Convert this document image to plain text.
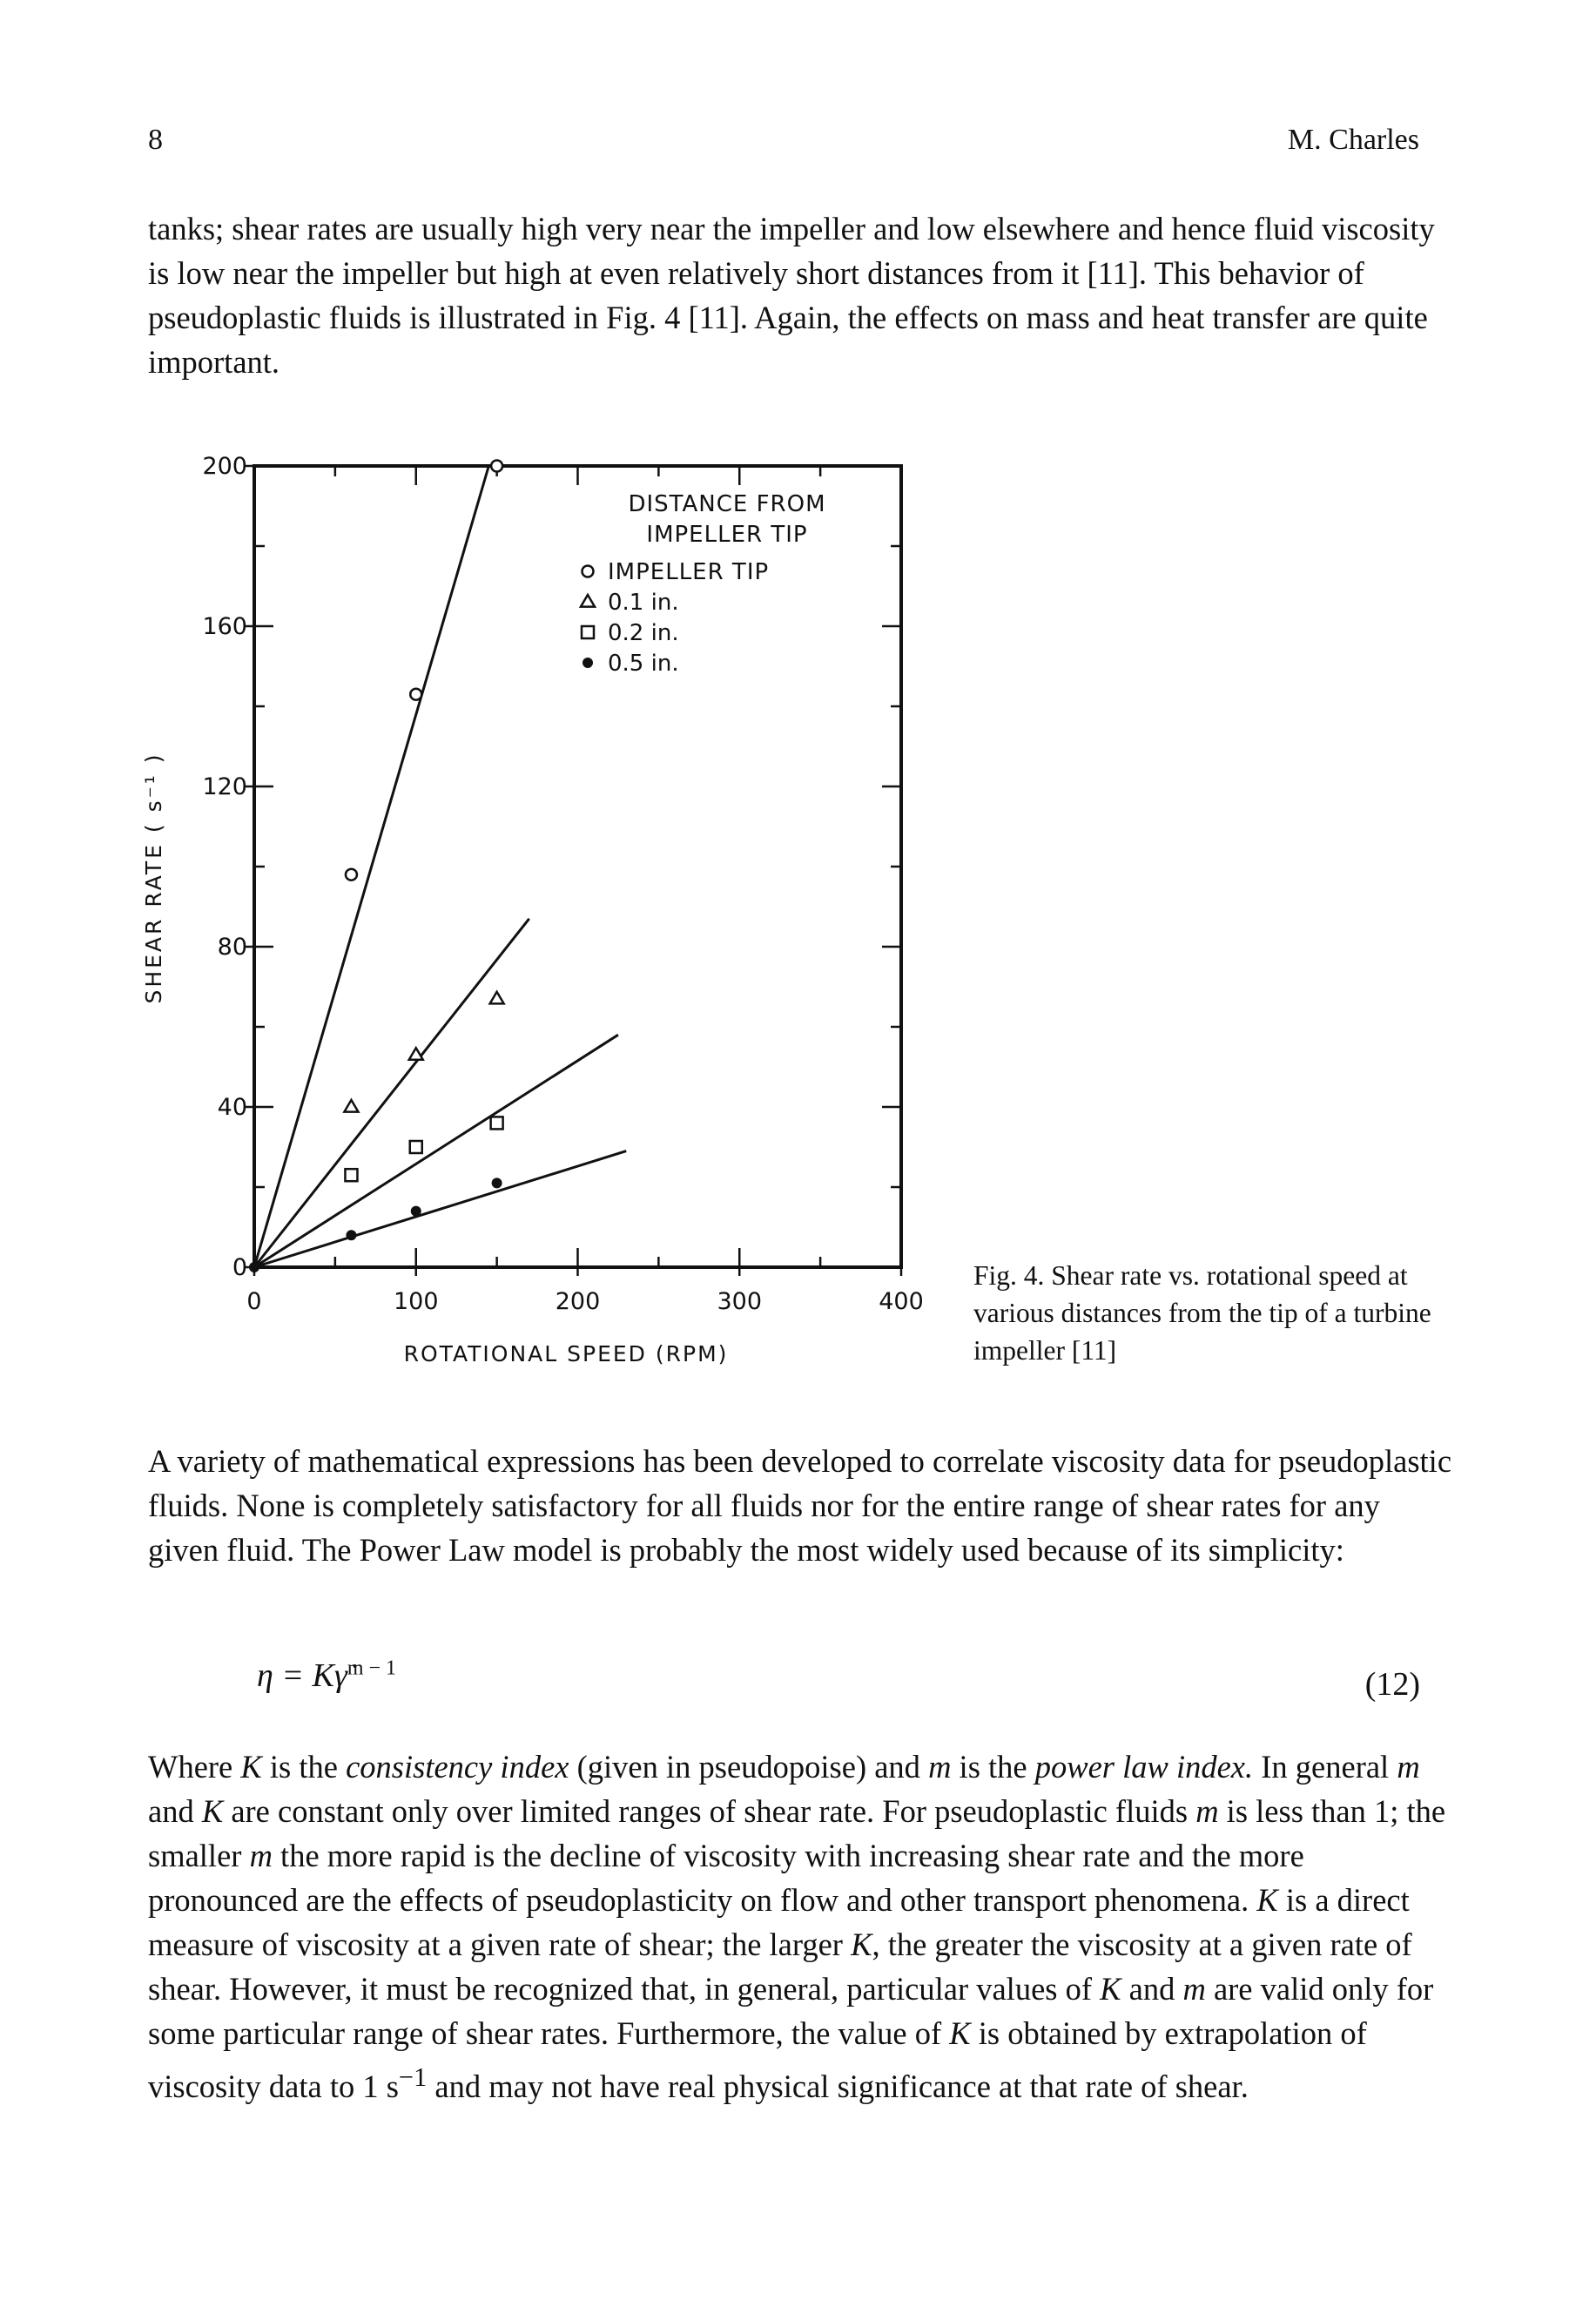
8	M. Charles

tanks; shear rates are usually high very near the impeller and low elsewhere and hence fluid viscosity is low near the impeller but high at even relatively short distances from it [11]. This behavior of pseudoplastic fluids is illustrated in Fig. 4 [11]. Again, the effects on mass and heat transfer are quite important.

0	100	200	300	400
0
40
80
120
160
200
DISTANCE FROM
IMPELLER TIP
IMPELLER TIP
0.1 in.
0.2 in.
0.5 in.
ROTATIONAL SPEED (RPM)
SHEAR RATE ( s⁻¹ )
Fig. 4. Shear rate vs. rotational speed at various distances from the tip of a turbine impeller [11]

A variety of mathematical expressions has been developed to correlate viscosity data for pseudoplastic fluids. None is completely satisfactory for all fluids nor for the entire range of shear rates for any given fluid. The Power Law model is probably the most widely used because of its simplicity:

η = Kγ̇$^{m - 1}$	(12)

Where K is the consistency index (given in pseudopoise) and m is the power law index. In general m and K are constant only over limited ranges of shear rate. For pseudoplastic fluids m is less than 1; the smaller m the more rapid is the decline of viscosity with increasing shear rate and the more pronounced are the effects of pseudoplasticity on flow and other transport phenomena. K is a direct measure of viscosity at a given rate of shear; the larger K, the greater the viscosity at a given rate of shear. However, it must be recognized that, in general, particular values of K and m are valid only for some particular range of shear rates. Furthermore, the value of K is obtained by extrapolation of viscosity data to 1 $s^{-1}$ and may not have real physical significance at that rate of shear.
